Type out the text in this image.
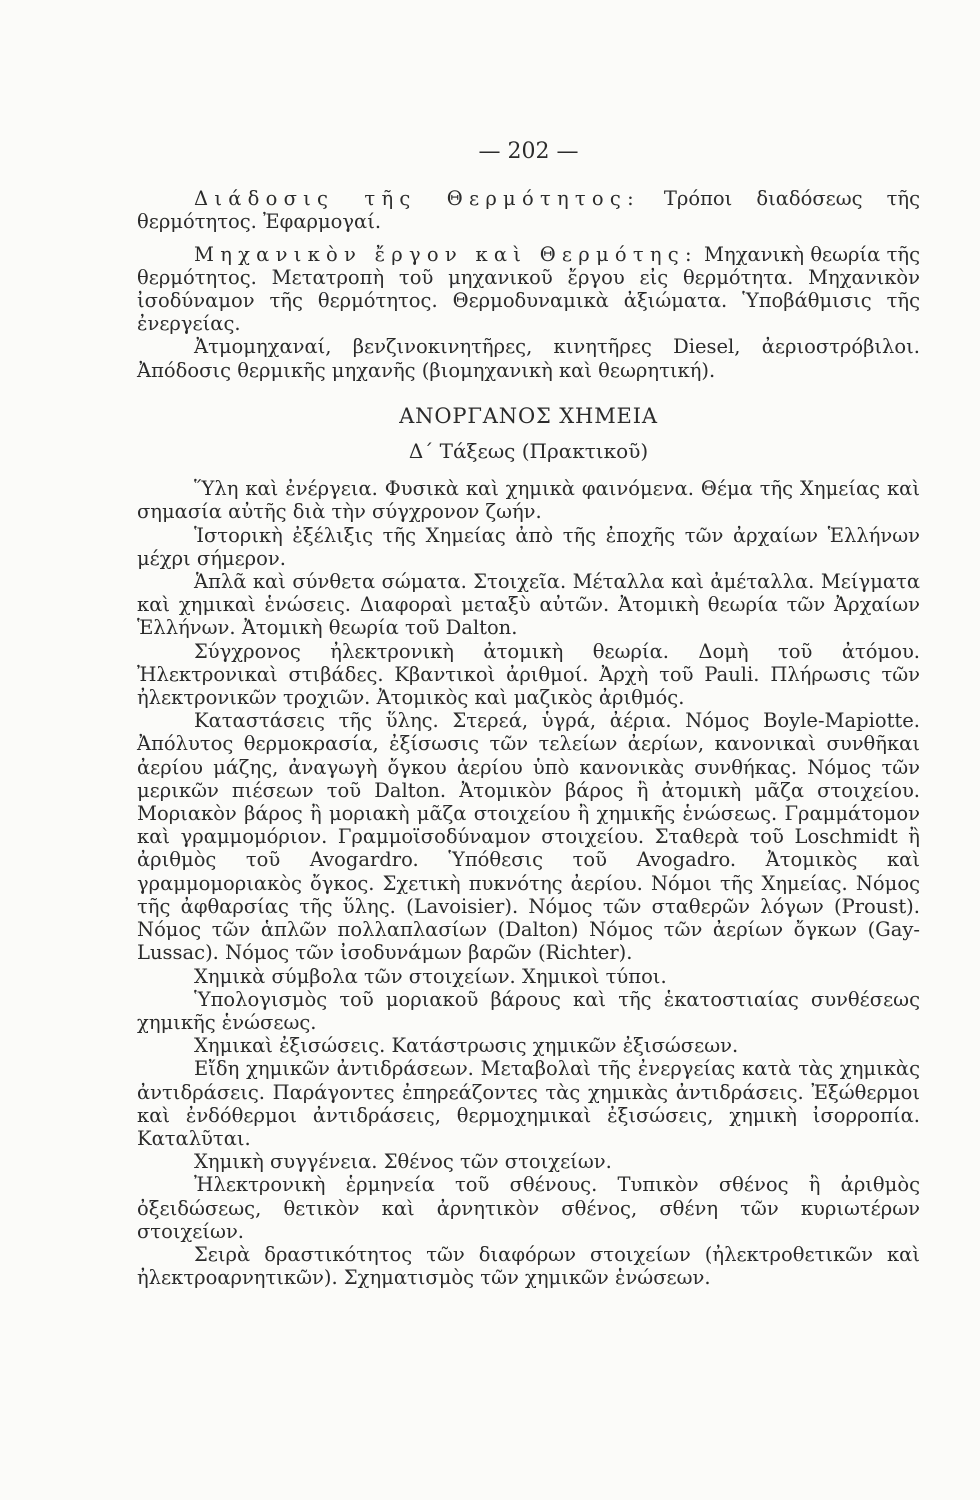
— 202 —

Διάδοσις τῆς Θερμότητος: Τρόποι διαδόσεως τῆς θερμότητος. Ἐφαρμογαί.

Μηχανικὸν ἔργον καὶ Θερμότης: Μηχανικὴ θεωρία τῆς θερμότητος. Μετατροπὴ τοῦ μηχανικοῦ ἔργου εἰς θερμότητα. Μηχανικὸν ἰσοδύναμον τῆς θερμότητος. Θερμοδυναμικὰ ἀξιώματα. Ὑποβάθμισις τῆς ἐνεργείας.

Ἀτμομηχαναί, βενζινοκινητῆρες, κινητῆρες Diesel, ἀεριοστρόβιλοι. Ἀπόδοσις θερμικῆς μηχανῆς (βιομηχανικὴ καὶ θεωρητική).

ΑΝΟΡΓΑΝΟΣ ΧΗΜΕΙΑ

Δ΄ Τάξεως (Πρακτικοῦ)

Ὕλη καὶ ἐνέργεια. Φυσικὰ καὶ χημικὰ φαινόμενα. Θέμα τῆς Χημείας καὶ σημασία αὐτῆς διὰ τὴν σύγχρονον ζωήν.

Ἱστορικὴ ἐξέλιξις τῆς Χημείας ἀπὸ τῆς ἐποχῆς τῶν ἀρχαίων Ἑλλήνων μέχρι σήμερον.

Ἁπλᾶ καὶ σύνθετα σώματα. Στοιχεῖα. Μέταλλα καὶ ἀμέταλλα. Μείγματα καὶ χημικαὶ ἑνώσεις. Διαφοραὶ μεταξὺ αὐτῶν. Ἀτομικὴ θεωρία τῶν Ἀρχαίων Ἑλλήνων. Ἀτομικὴ θεωρία τοῦ Dalton.

Σύγχρονος ἠλεκτρονικὴ ἀτομικὴ θεωρία. Δομὴ τοῦ ἀτόμου. Ἠλεκτρονικαὶ στιβάδες. Κβαντικοὶ ἀριθμοί. Ἀρχὴ τοῦ Pauli. Πλήρωσις τῶν ἠλεκτρονικῶν τροχιῶν. Ἀτομικὸς καὶ μαζικὸς ἀριθμός.

Καταστάσεις τῆς ὕλης. Στερεά, ὑγρά, ἀέρια. Νόμος Boyle-Mapiotte. Ἀπόλυτος θερμοκρασία, ἐξίσωσις τῶν τελείων ἀερίων, κανονικαὶ συνθῆκαι ἀερίου μάζης, ἀναγωγὴ ὄγκου ἀερίου ὑπὸ κανονικὰς συνθήκας. Νόμος τῶν μερικῶν πιέσεων τοῦ Dalton. Ἀτομικὸν βάρος ἢ ἀτομικὴ μᾶζα στοιχείου. Μοριακὸν βάρος ἢ μοριακὴ μᾶζα στοιχείου ἢ χημικῆς ἑνώσεως. Γραμμάτομον καὶ γραμμομόριον. Γραμμοϊσοδύναμον στοιχείου. Σταθερὰ τοῦ Loschmidt ἢ ἀριθμὸς τοῦ Avogardro. Ὑπόθεσις τοῦ Avogadro. Ἀτομικὸς καὶ γραμμομοριακὸς ὄγκος. Σχετικὴ πυκνότης ἀερίου. Νόμοι τῆς Χημείας. Νόμος τῆς ἀφθαρσίας τῆς ὕλης. (Lavoisier). Νόμος τῶν σταθερῶν λόγων (Proust). Νόμος τῶν ἁπλῶν πολλαπλασίων (Dalton) Νόμος τῶν ἀερίων ὄγκων (Gay-Lussac). Νόμος τῶν ἰσοδυνάμων βαρῶν (Richter).

Χημικὰ σύμβολα τῶν στοιχείων. Χημικοὶ τύποι.

Ὑπολογισμὸς τοῦ μοριακοῦ βάρους καὶ τῆς ἑκατοστιαίας συνθέσεως χημικῆς ἑνώσεως.

Χημικαὶ ἐξισώσεις. Κατάστρωσις χημικῶν ἐξισώσεων.

Εἴδη χημικῶν ἀντιδράσεων. Μεταβολαὶ τῆς ἐνεργείας κατὰ τὰς χημικὰς ἀντιδράσεις. Παράγοντες ἐπηρεάζοντες τὰς χημικὰς ἀντιδράσεις. Ἐξώθερμοι καὶ ἐνδόθερμοι ἀντιδράσεις, θερμοχημικαὶ ἐξισώσεις, χημικὴ ἰσορροπία. Καταλῦται.

Χημικὴ συγγένεια. Σθένος τῶν στοιχείων.

Ἠλεκτρονικὴ ἑρμηνεία τοῦ σθένους. Τυπικὸν σθένος ἢ ἀριθμὸς ὀξειδώσεως, θετικὸν καὶ ἀρνητικὸν σθένος, σθένη τῶν κυριωτέρων στοιχείων.

Σειρὰ δραστικότητος τῶν διαφόρων στοιχείων (ἠλεκτροθετικῶν καὶ ἠλεκτροαρνητικῶν). Σχηματισμὸς τῶν χημικῶν ἑνώσεων.
